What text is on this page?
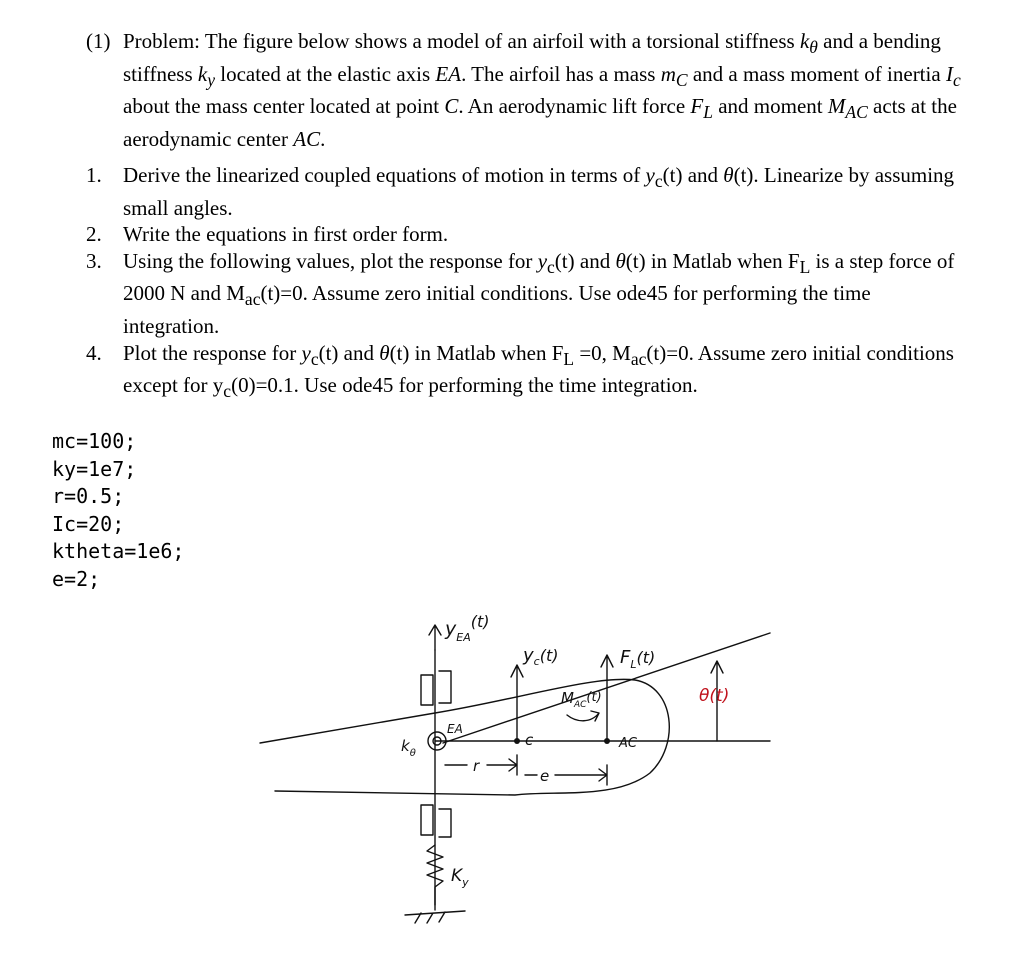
(1) Problem: The figure below shows a model of an airfoil with a torsional stiffness $k_\theta$ and a bending stiffness $k_y$ located at the elastic axis EA. The airfoil has a mass $m_C$ and a mass moment of inertia $I_c$ about the mass center located at point C. An aerodynamic lift force $F_L$ and moment $M_{AC}$ acts at the aerodynamic center AC.
1. Derive the linearized coupled equations of motion in terms of $y_c(t)$ and θ(t). Linearize by assuming small angles.
2. Write the equations in first order form.
3. Using the following values, plot the response for $y_c(t)$ and θ(t) in Matlab when $F_L$ is a step force of 2000 N and $M_{ac}(t)=0$. Assume zero initial conditions. Use ode45 for performing the time integration.
4. Plot the response for $y_c(t)$ and θ(t) in Matlab when $F_L =0$, $M_{ac}(t)=0$. Assume zero initial conditions except for $y_c(0)=0.1$. Use ode45 for performing the time integration.
mc=100;
ky=1e7;
r=0.5;
Ic=20;
ktheta=1e6;
e=2;
$y_{EA}^{(t)}$
$y_c(t)$	$F_L(t)$
$M_{AC}(t)$	θ(t)
$k_\theta$
EA
c	AC
r
e
$K_y$
